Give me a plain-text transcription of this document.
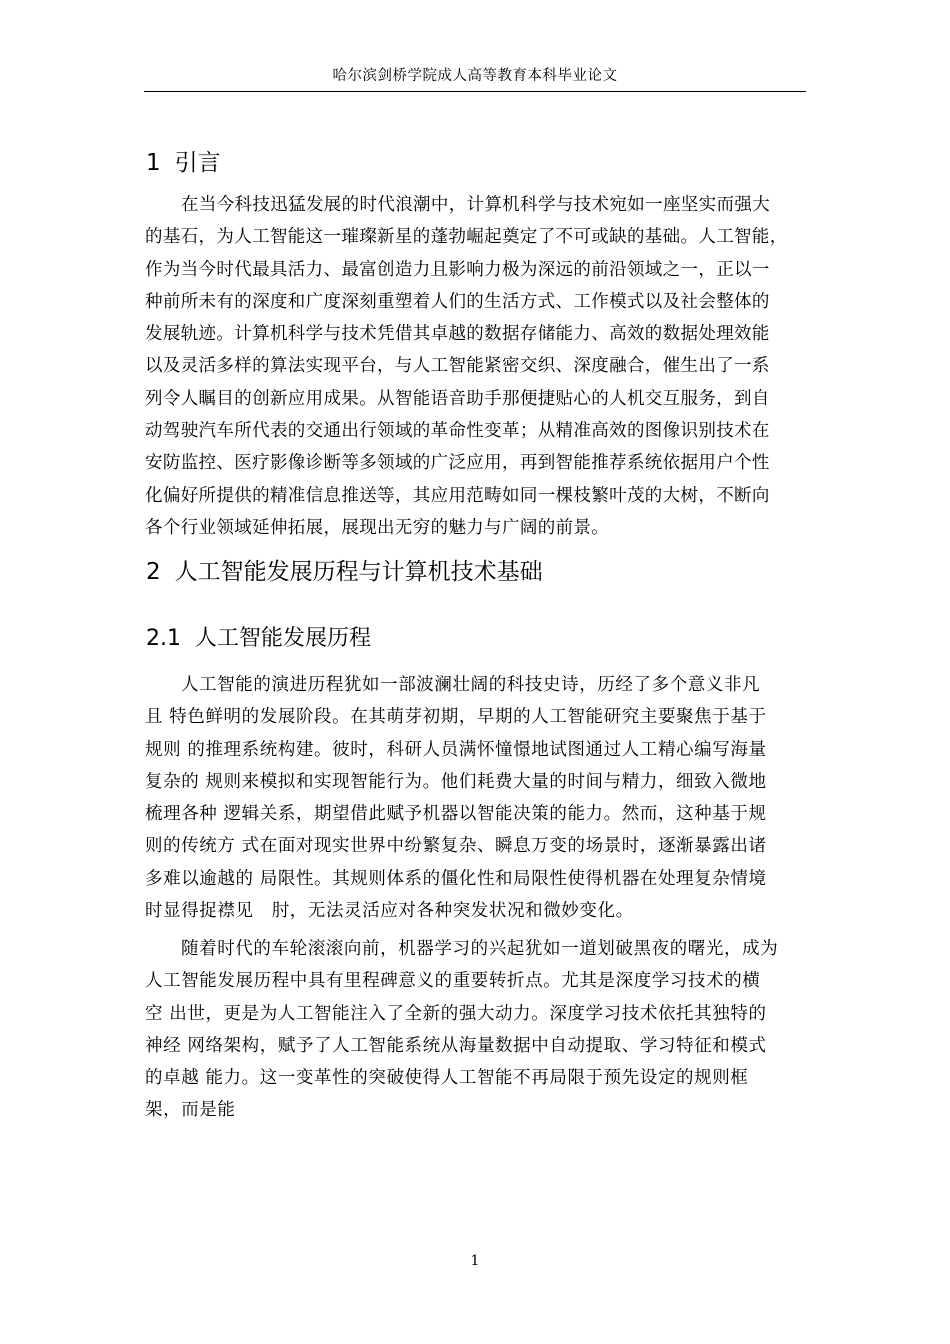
哈尔滨剑桥学院成人高等教育本科毕业论文
1 引言
在当今科技迅猛发展的时代浪潮中，计算机科学与技术宛如一座坚实而强大
的基石，为人工智能这一璀璨新星的蓬勃崛起奠定了不可或缺的基础。人工智能，
作为当今时代最具活力、最富创造力且影响力极为深远的前沿领域之一，正以一
种前所未有的深度和广度深刻重塑着人们的生活方式、工作模式以及社会整体的
发展轨迹。计算机科学与技术凭借其卓越的数据存储能力、高效的数据处理效能
以及灵活多样的算法实现平台，与人工智能紧密交织、深度融合，催生出了一系
列令人瞩目的创新应用成果。从智能语音助手那便捷贴心的人机交互服务，到自
动驾驶汽车所代表的交通出行领域的革命性变革；从精准高效的图像识别技术在
安防监控、医疗影像诊断等多领域的广泛应用，再到智能推荐系统依据用户个性
化偏好所提供的精准信息推送等，其应用范畴如同一棵枝繁叶茂的大树，不断向
各个行业领域延伸拓展，展现出无穷的魅力与广阔的前景。
2 人工智能发展历程与计算机技术基础
2.1 人工智能发展历程
人工智能的演进历程犹如一部波澜壮阔的科技史诗，历经了多个意义非凡
且 特色鲜明的发展阶段。在其萌芽初期，早期的人工智能研究主要聚焦于基于
规则 的推理系统构建。彼时，科研人员满怀憧憬地试图通过人工精心编写海量
复杂的 规则来模拟和实现智能行为。他们耗费大量的时间与精力，细致入微地
梳理各种 逻辑关系，期望借此赋予机器以智能决策的能力。然而，这种基于规
则的传统方 式在面对现实世界中纷繁复杂、瞬息万变的场景时，逐渐暴露出诸
多难以逾越的 局限性。其规则体系的僵化性和局限性使得机器在处理复杂情境
时显得捉襟见　肘，无法灵活应对各种突发状况和微妙变化。
随着时代的车轮滚滚向前，机器学习的兴起犹如一道划破黑夜的曙光，成为
人工智能发展历程中具有里程碑意义的重要转折点。尤其是深度学习技术的横
空 出世，更是为人工智能注入了全新的强大动力。深度学习技术依托其独特的
神经 网络架构，赋予了人工智能系统从海量数据中自动提取、学习特征和模式
的卓越 能力。这一变革性的突破使得人工智能不再局限于预先设定的规则框
架，而是能
1
